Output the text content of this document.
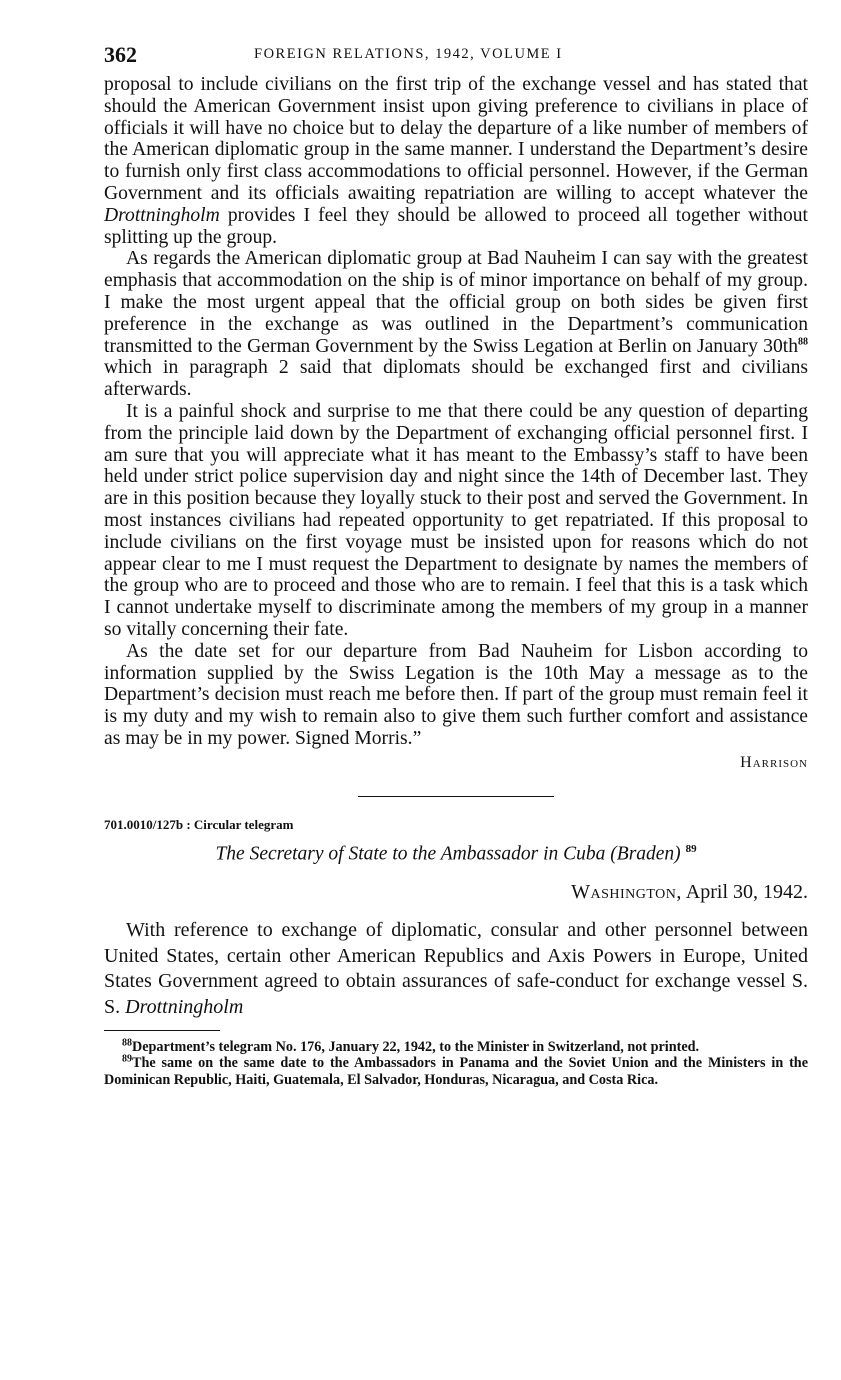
362	FOREIGN RELATIONS, 1942, VOLUME I

proposal to include civilians on the first trip of the exchange vessel and has stated that should the American Government insist upon giving preference to civilians in place of officials it will have no choice but to delay the departure of a like number of members of the American diplomatic group in the same manner. I understand the Department’s desire to furnish only first class accommodations to official personnel. However, if the German Government and its officials awaiting repatriation are willing to accept whatever the Drottningholm provides I feel they should be allowed to proceed all together without splitting up the group.

As regards the American diplomatic group at Bad Nauheim I can say with the greatest emphasis that accommodation on the ship is of minor importance on behalf of my group. I make the most urgent appeal that the official group on both sides be given first preference in the exchange as was outlined in the Department’s communication transmitted to the German Government by the Swiss Legation at Berlin on January 30th$^{88}$ which in paragraph 2 said that diplomats should be exchanged first and civilians afterwards.

It is a painful shock and surprise to me that there could be any question of departing from the principle laid down by the Department of exchanging official personnel first. I am sure that you will appreciate what it has meant to the Embassy’s staff to have been held under strict police supervision day and night since the 14th of December last. They are in this position because they loyally stuck to their post and served the Government. In most instances civilians had repeated opportunity to get repatriated. If this proposal to include civilians on the first voyage must be insisted upon for reasons which do not appear clear to me I must request the Department to designate by names the members of the group who are to proceed and those who are to remain. I feel that this is a task which I cannot undertake myself to discriminate among the members of my group in a manner so vitally concerning their fate.

As the date set for our departure from Bad Nauheim for Lisbon according to information supplied by the Swiss Legation is the 10th May a message as to the Department’s decision must reach me before then. If part of the group must remain feel it is my duty and my wish to remain also to give them such further comfort and assistance as may be in my power. Signed Morris.”

Harrison
701.0010/127b : Circular telegram
The Secretary of State to the Ambassador in Cuba (Braden) $^{89}$
Washington, April 30, 1942.

With reference to exchange of diplomatic, consular and other personnel between United States, certain other American Republics and Axis Powers in Europe, United States Government agreed to obtain assurances of safe-conduct for exchange vessel S. S. Drottningholm

$^{88}$Department’s telegram No. 176, January 22, 1942, to the Minister in Switzerland, not printed.

$^{89}$The same on the same date to the Ambassadors in Panama and the Soviet Union and the Ministers in the Dominican Republic, Haiti, Guatemala, El Salvador, Honduras, Nicaragua, and Costa Rica.
